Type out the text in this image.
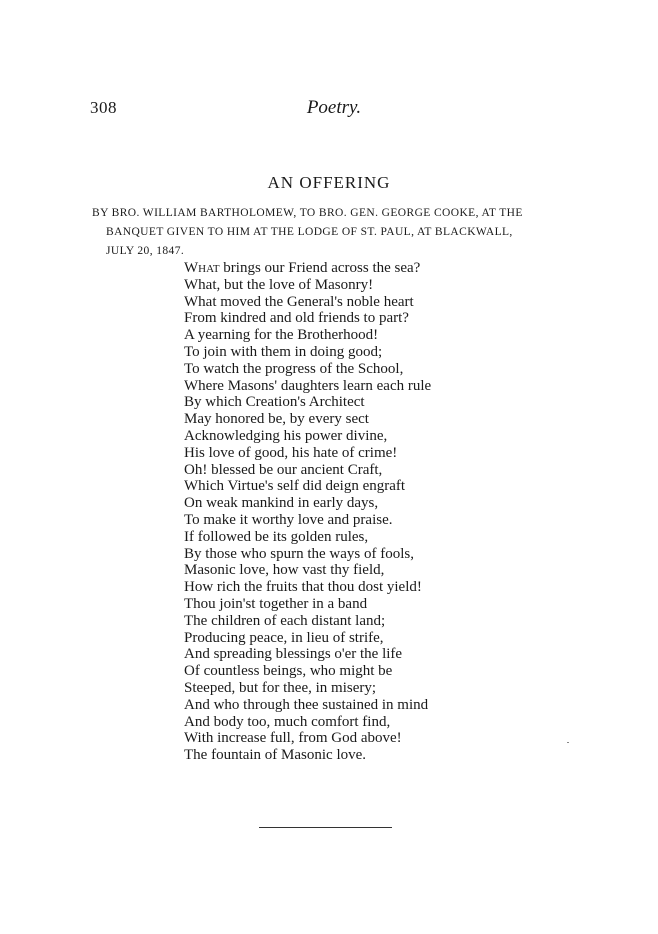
308	Poetry.
AN OFFERING
BY BRO. WILLIAM BARTHOLOMEW, TO BRO. GEN. GEORGE COOKE, AT THE
BANQUET GIVEN TO HIM AT THE LODGE OF ST. PAUL, AT BLACKWALL,
JULY 20, 1847.
What brings our Friend across the sea?
What, but the love of Masonry!
What moved the General's noble heart
From kindred and old friends to part?
A yearning for the Brotherhood!
To join with them in doing good;
To watch the progress of the School,
Where Masons' daughters learn each rule
By which Creation's Architect
May honored be, by every sect
Acknowledging his power divine,
His love of good, his hate of crime!
Oh! blessed be our ancient Craft,
Which Virtue's self did deign engraft
On weak mankind in early days,
To make it worthy love and praise.
If followed be its golden rules,
By those who spurn the ways of fools,
Masonic love, how vast thy field,
How rich the fruits that thou dost yield!
Thou join'st together in a band
The children of each distant land;
Producing peace, in lieu of strife,
And spreading blessings o'er the life
Of countless beings, who might be
Steeped, but for thee, in misery;
And who through thee sustained in mind
And body too, much comfort find,
With increase full, from God above!
The fountain of Masonic love.
